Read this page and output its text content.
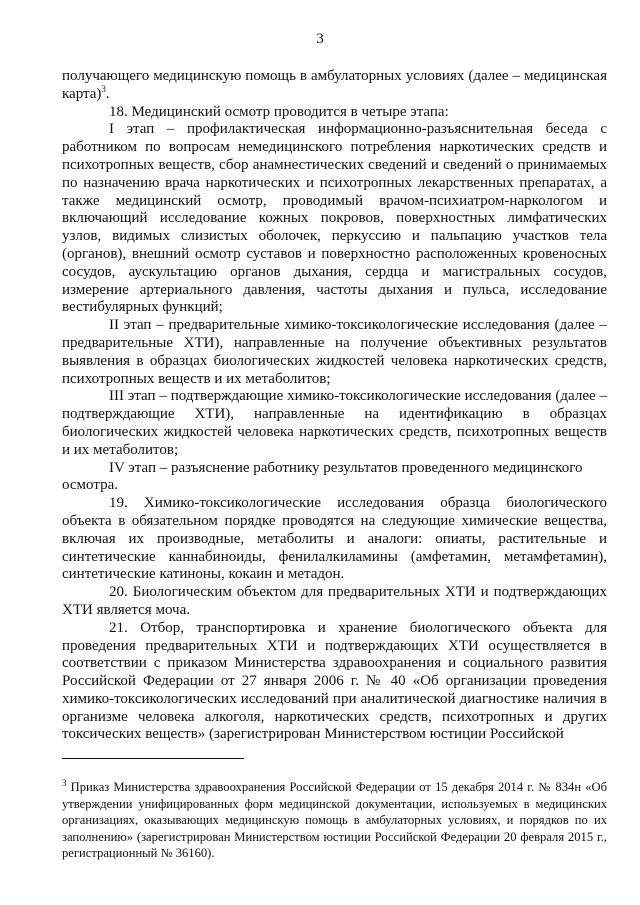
3

получающего медицинскую помощь в амбулаторных условиях (далее – медицинская карта)$^3$.

18. Медицинский осмотр проводится в четыре этапа:

I этап – профилактическая информационно-разъяснительная беседа с работником по вопросам немедицинского потребления наркотических средств и психотропных веществ, сбор анамнестических сведений и сведений о принимаемых по назначению врача наркотических и психотропных лекарственных препаратах, а также медицинский осмотр, проводимый врачом-психиатром-наркологом и включающий исследование кожных покровов, поверхностных лимфатических узлов, видимых слизистых оболочек, перкуссию и пальпацию участков тела (органов), внешний осмотр суставов и поверхностно расположенных кровеносных сосудов, аускультацию органов дыхания, сердца и магистральных сосудов, измерение артериального давления, частоты дыхания и пульса, исследование вестибулярных функций;

II этап – предварительные химико-токсикологические исследования (далее – предварительные ХТИ), направленные на получение объективных результатов выявления в образцах биологических жидкостей человека наркотических средств, психотропных веществ и их метаболитов;

III этап – подтверждающие химико-токсикологические исследования (далее – подтверждающие ХТИ), направленные на идентификацию в образцах биологических жидкостей человека наркотических средств, психотропных веществ и их метаболитов;

IV этап – разъяснение работнику результатов проведенного медицинского
осмотра.

19. Химико-токсикологические исследования образца биологического объекта в обязательном порядке проводятся на следующие химические вещества, включая их производные, метаболиты и аналоги: опиаты, растительные и синтетические каннабиноиды, фенилалкиламины (амфетамин, метамфетамин), синтетические катиноны, кокаин и метадон.

20. Биологическим объектом для предварительных ХТИ и подтверждающих ХТИ является моча.

21. Отбор, транспортировка и хранение биологического объекта для проведения предварительных ХТИ и подтверждающих ХТИ осуществляется в соответствии с приказом Министерства здравоохранения и социального развития Российской Федерации от 27 января 2006 г. № 40 «Об организации проведения химико-токсикологических исследований при аналитической диагностике наличия в организме человека алкоголя, наркотических средств, психотропных и других токсических веществ» (зарегистрирован Министерством юстиции Российской

$^3$ Приказ Министерства здравоохранения Российской Федерации от 15 декабря 2014 г. № 834н «Об утверждении унифицированных форм медицинской документации, используемых в медицинских организациях, оказывающих медицинскую помощь в амбулаторных условиях, и порядков по их заполнению» (зарегистрирован Министерством юстиции Российской Федерации 20 февраля 2015 г., регистрационный № 36160).
